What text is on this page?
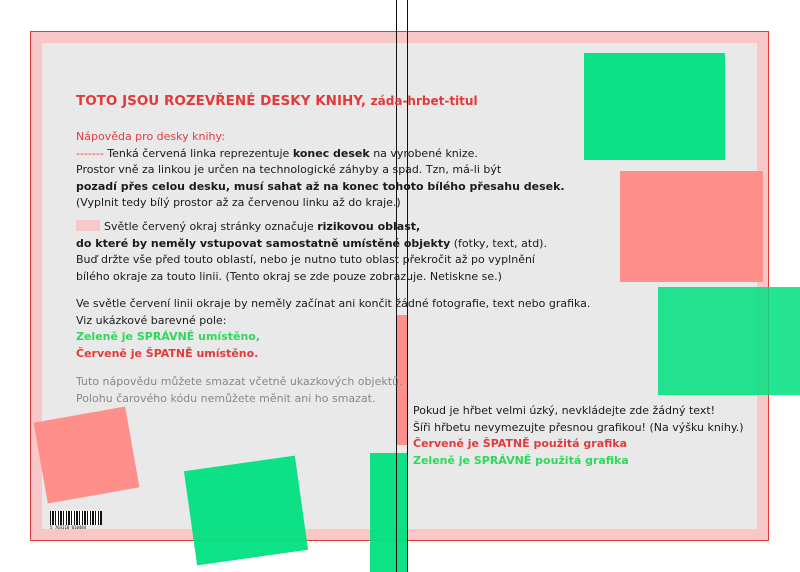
TOTO JSOU ROZEVŘENÉ DESKY KNIHY, záda-hrbet-titul
Nápověda pro desky knihy:
------- Tenká červená linka reprezentuje konec desek na vyrobené knize.
Prostor vně za linkou je určen na technologické záhyby a spad. Tzn, má-li být
pozadí přes celou desku, musí sahat až na konec tohoto bílého přesahu desek.
(Vyplnit tedy bílý prostor až za červenou linku až do kraje.)
Světle červený okraj stránky označuje rizikovou oblast,
do které by neměly vstupovat samostatně umístěné objekty (fotky, text, atd).
Buď držte vše před touto oblastí, nebo je nutno tuto oblast překročit až po vyplnění
bílého okraje za touto linii. (Tento okraj se zde pouze zobrazuje. Netiskne se.)
Ve světle červení linii okraje by neměly začínat ani končit žádné fotografie, text nebo grafika.
Viz ukázkové barevné pole:
Zeleně je SPRÁVNĚ umístěno,
Červeně je ŠPATNĚ umístěno.
Tuto nápovědu můžete smazat včetně ukazkových objektů.
Polohu čarového kódu nemůžete měnit ani ho smazat.
Pokud je hřbet velmi úzký, nevkládejte zde žádný text!
Šíři hřbetu nevymezujte přesnou grafikou! (Na výšku knihy.)
Červeně je ŠPATNĚ použitá grafika
Zeleně je SPRÁVNĚ použitá grafika
5 703118 010484
